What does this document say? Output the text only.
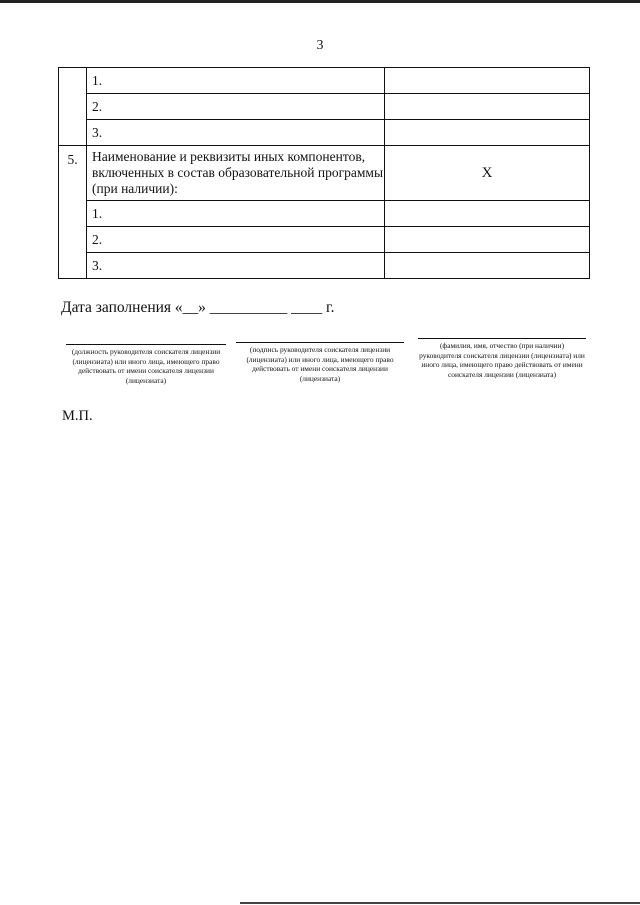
3
	1.	
	2.	
	3.	

5.	Наименование и реквизиты иных компонентов, включенных в состав образовательной программы (при наличии):	Х
	1.	
	2.	
	3.	
Дата заполнения «__» __________ ____ г.
(должность руководителя соискателя лицензии (лицензиата) или иного лица, имеющего право действовать от имени соискателя лицензии (лицензиата)
(подпись руководителя соискателя лицензии (лицензиата) или иного лица, имеющего право действовать от имени соискателя лицензии (лицензиата)
(фамилия, имя, отчество (при наличии) руководителя соискателя лицензии (лицензиата) или иного лица, имеющего право действовать от имени соискателя лицензии (лицензиата)
М.П.
